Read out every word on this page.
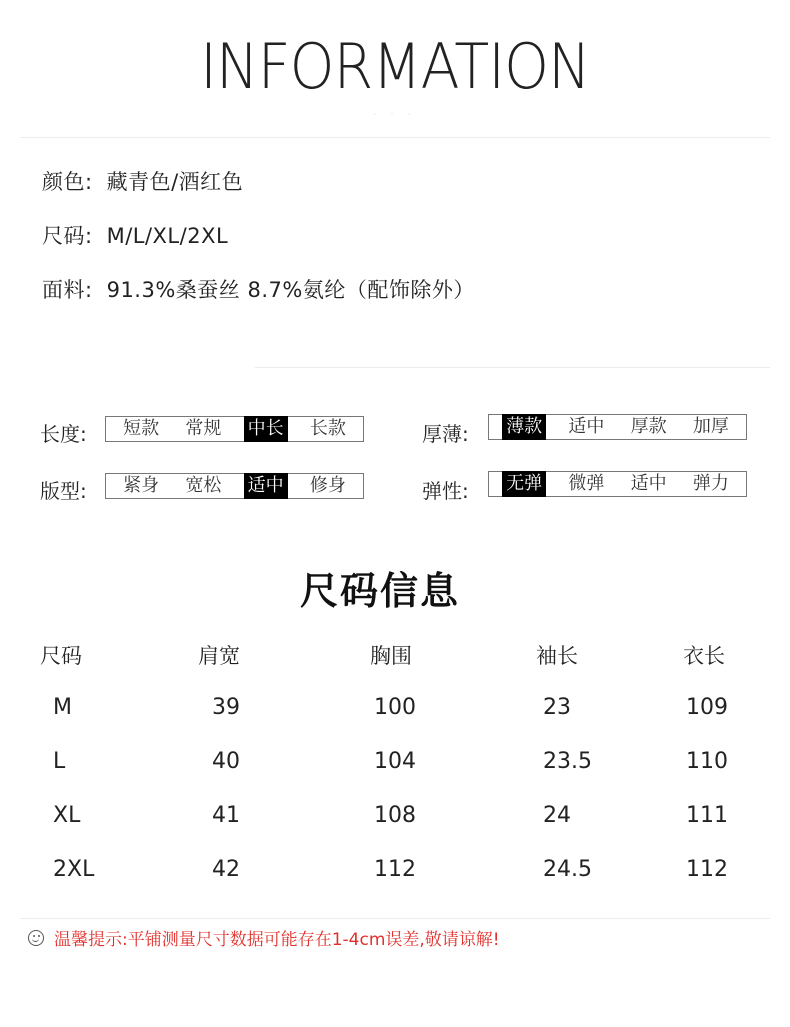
INFORMATION
· · ·
颜色: 藏青色/酒红色
尺码: M/L/XL/2XL
面料: 91.3%桑蚕丝 8.7%氨纶（配饰除外）
长度: 短款 常规 中长 长款	厚薄: 薄款 适中 厚款 加厚
版型: 紧身 宽松 适中 修身	弹性: 无弹 微弹 适中 弹力
尺码信息
尺码	肩宽	胸围	袖长	衣长
M	39	100	23	109
L	40	104	23.5	110
XL	41	108	24	111
2XL	42	112	24.5	112
温馨提示:平铺测量尺寸数据可能存在1-4cm误差,敬请谅解!
